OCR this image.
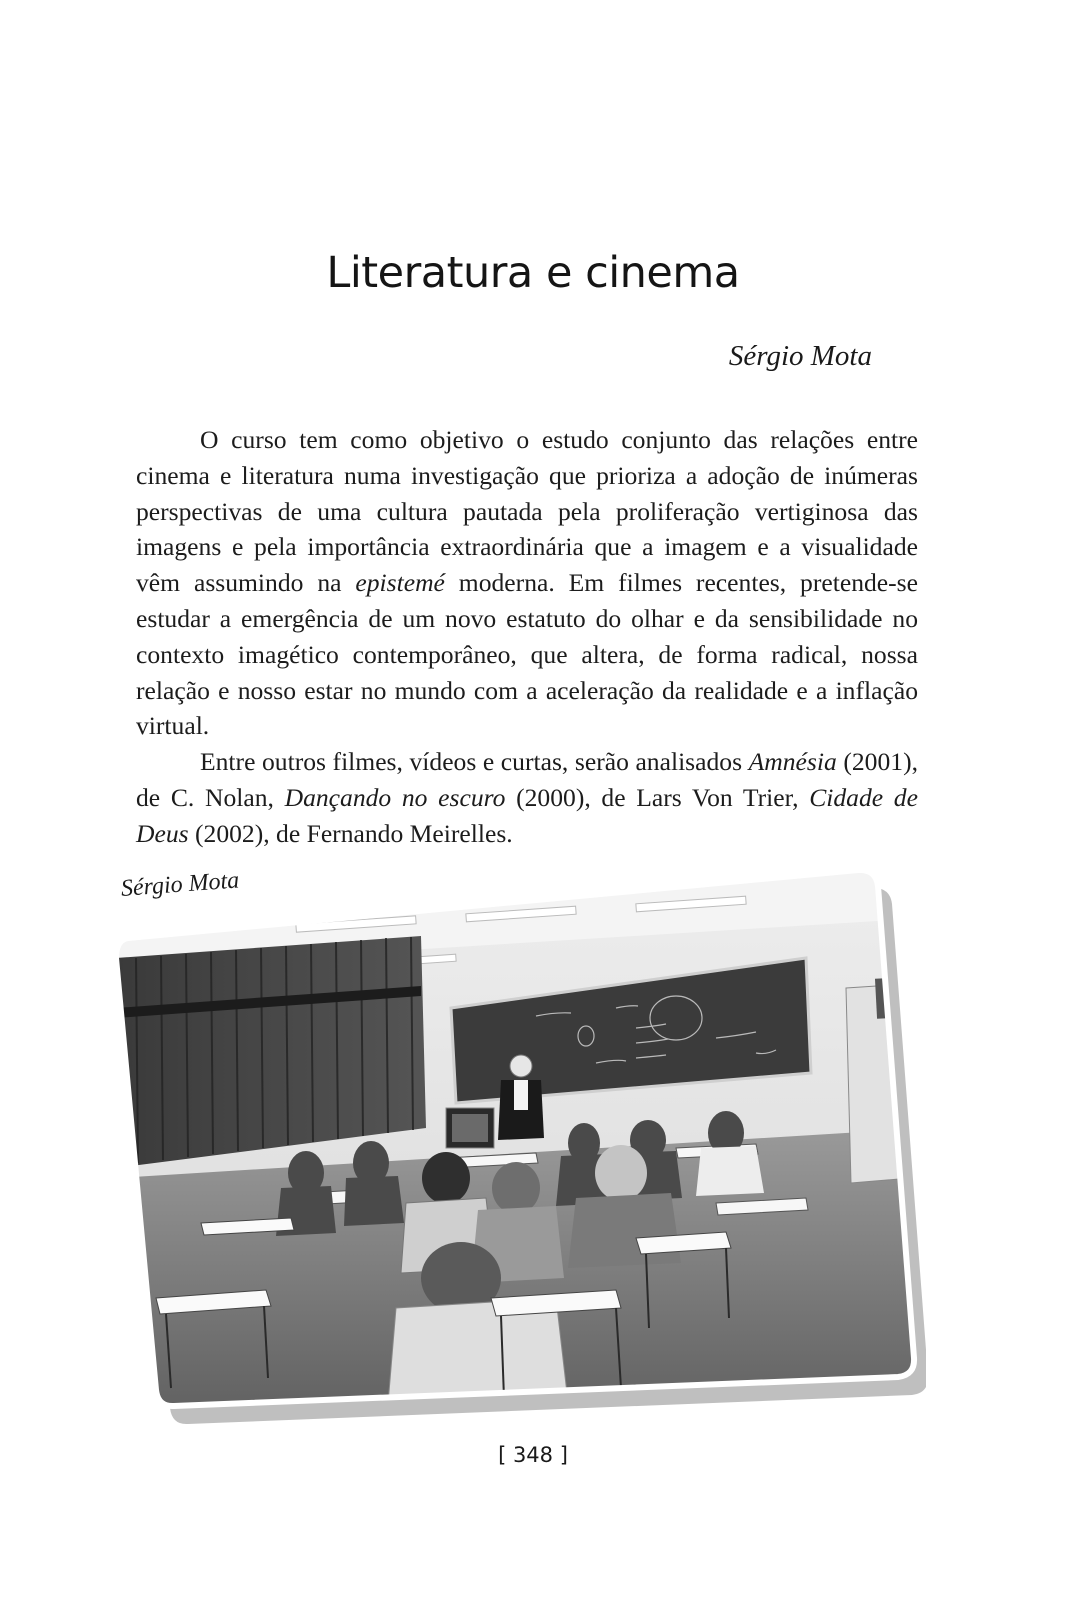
Literatura e cinema

Sérgio Mota

O curso tem como objetivo o estudo conjunto das relações entre cinema e literatura numa investigação que prioriza a adoção de inúmeras perspectivas de uma cultura pautada pela proliferação vertiginosa das imagens e pela importância extraordinária que a imagem e a visualidade vêm assumindo na epistemé moderna. Em filmes recentes, pretende-se estudar a emergência de um novo estatuto do olhar e da sensibilidade no contexto imagético contemporâneo, que altera, de forma radical, nossa relação e nosso estar no mundo com a aceleração da realidade e a inflação virtual.

Entre outros filmes, vídeos e curtas, serão analisados Amnésia (2001), de C. Nolan, Dançando no escuro (2000), de Lars Von Trier, Cidade de Deus (2002), de Fernando Meirelles.

Sérgio Mota

[ 348 ]
